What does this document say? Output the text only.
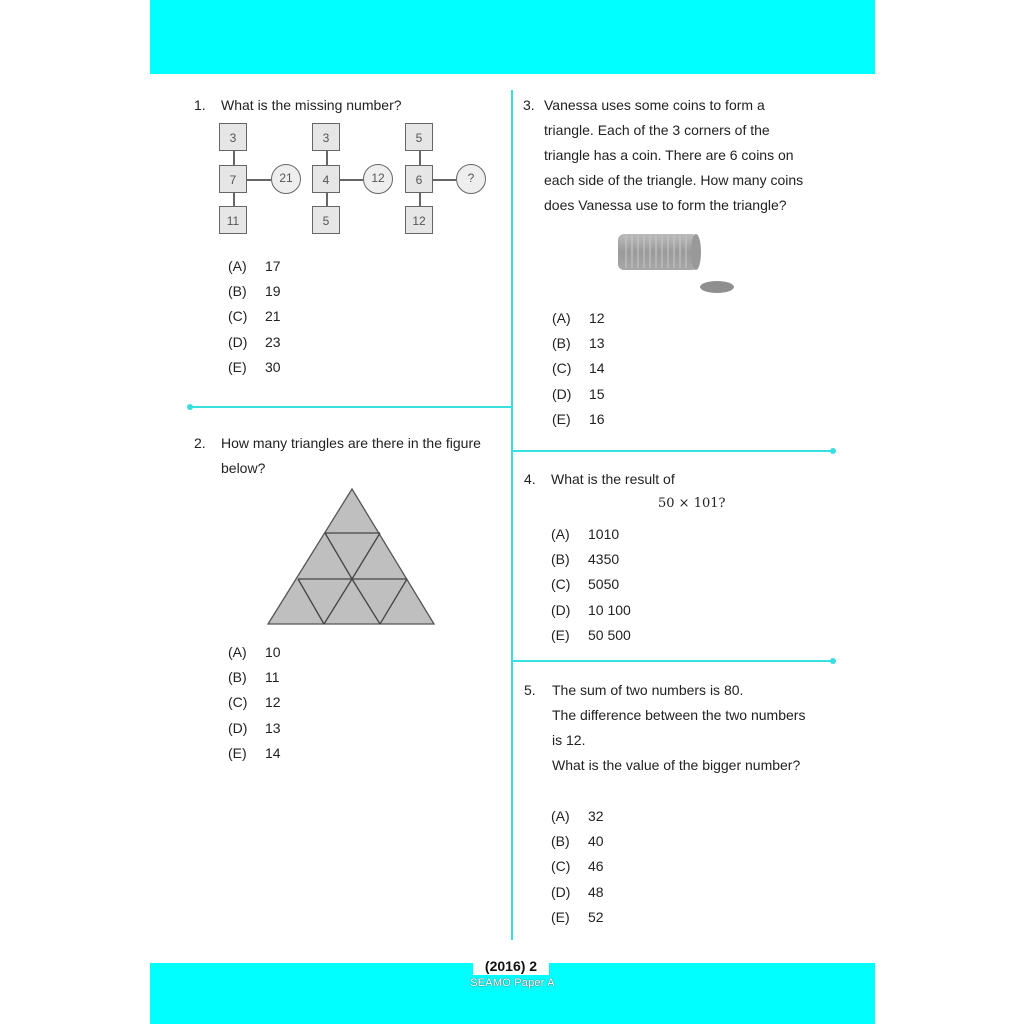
(2016) 2
SEAMO Paper A
1. What is the missing number?
3
7
11
21
3
4
5
12
5
6
12
?
(A)	17
(B)	19
(C)	21
(D)	23
(E)	30
2. How many triangles are there in the figure
below?
(A)	10
(B)	11
(C)	12
(D)	13
(E)	14
3. Vanessa uses some coins to form a
triangle. Each of the 3 corners of the
triangle has a coin. There are 6 coins on
each side of the triangle. How many coins
does Vanessa use to form the triangle?
(A)	12
(B)	13
(C)	14
(D)	15
(E)	16
4. What is the result of
50 × 101?
(A)	1010
(B)	4350
(C)	5050
(D)	10 100
(E)	50 500
5. The sum of two numbers is 80.
The difference between the two numbers
is 12.
What is the value of the bigger number?
(A)	32
(B)	40
(C)	46
(D)	48
(E)	52
